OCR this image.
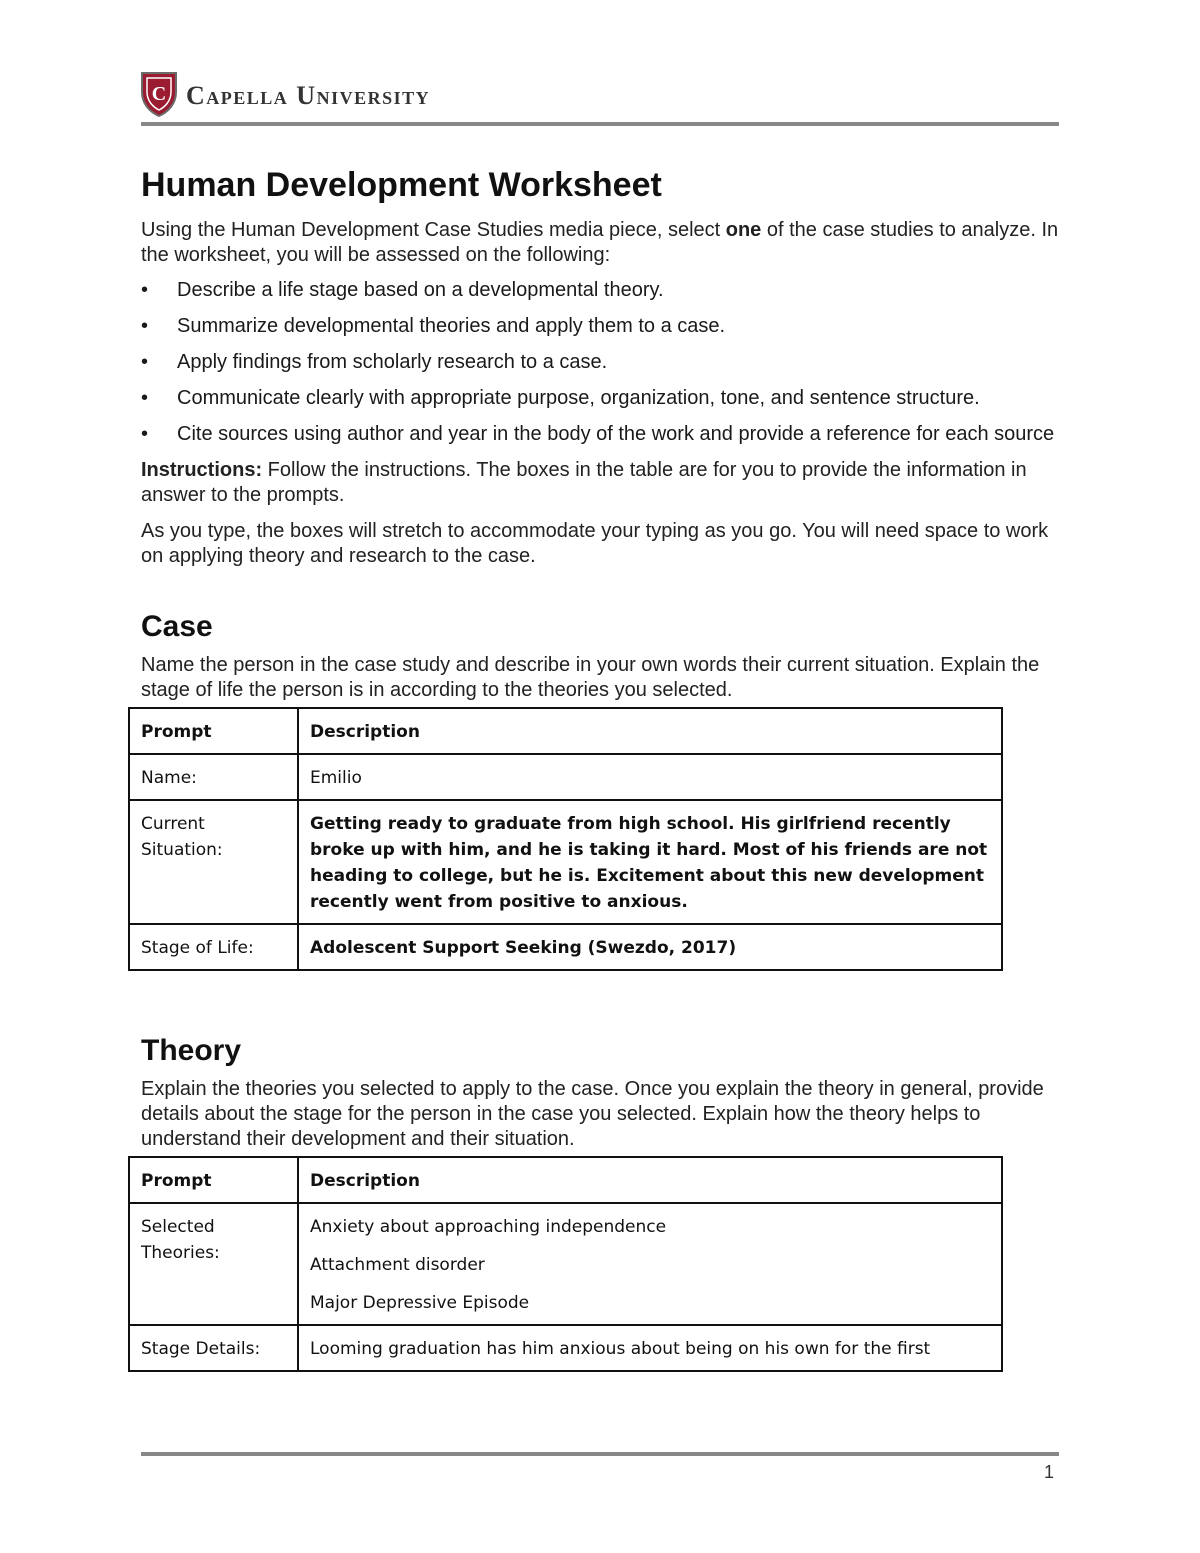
C Capella University
Human Development Worksheet

Using the Human Development Case Studies media piece, select one of the case studies to analyze. In the worksheet, you will be assessed on the following:

• Describe a life stage based on a developmental theory.
• Summarize developmental theories and apply them to a case.
• Apply findings from scholarly research to a case.
• Communicate clearly with appropriate purpose, organization, tone, and sentence structure.
• Cite sources using author and year in the body of the work and provide a reference for each source

Instructions: Follow the instructions. The boxes in the table are for you to provide the information in answer to the prompts.

As you type, the boxes will stretch to accommodate your typing as you go. You will need space to work on applying theory and research to the case.

Case

Name the person in the case study and describe in your own words their current situation. Explain the stage of life the person is in according to the theories you selected.

Prompt	Description
Name:	Emilio
Current Situation:	Getting ready to graduate from high school. His girlfriend recently broke up with him, and he is taking it hard. Most of his friends are not heading to college, but he is. Excitement about this new development recently went from positive to anxious.
Stage of Life:	Adolescent Support Seeking (Swezdo, 2017)
Theory

Explain the theories you selected to apply to the case. Once you explain the theory in general, provide details about the stage for the person in the case you selected. Explain how the theory helps to understand their development and their situation.

Prompt	Description
Selected Theories:	Anxiety about approaching independence
Attachment disorder
Major Depressive Episode

Stage Details:	Looming graduation has him anxious about being on his own for the first
1
